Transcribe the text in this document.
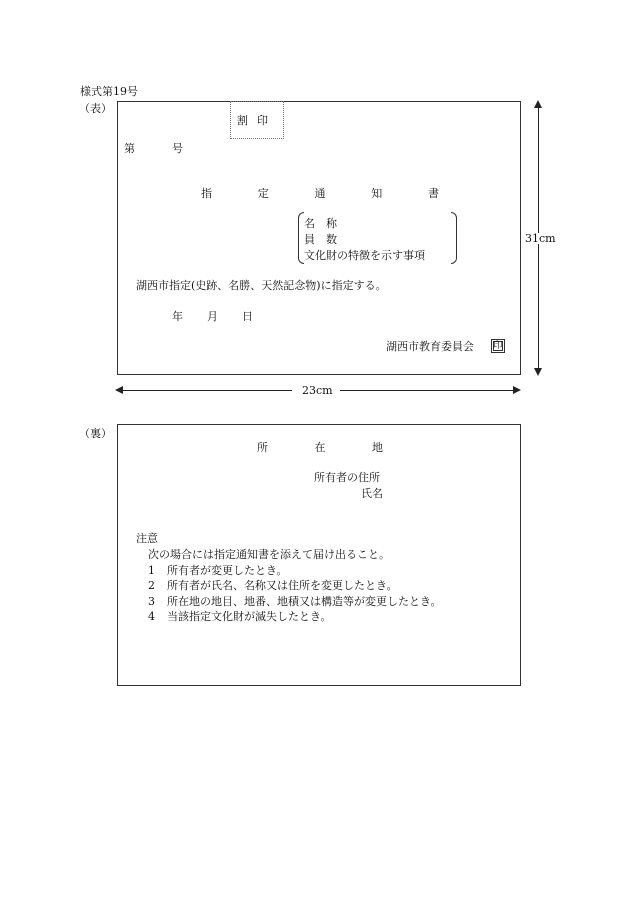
様式第19号
（表）
割 印
第	号
指	定	通	知	書
名　称
員　数
文化財の特徴を示す事項
湖西市指定(史跡、名勝、天然記念物)に指定する。
年 月 日
湖西市教育委員会 印
31cm
23cm
（裏）
所	在	地
所有者の住所
氏名
注意
次の場合には指定通知書を添えて届け出ること。
1 所有者が変更したとき。
2 所有者が氏名、名称又は住所を変更したとき。
3 所在地の地目、地番、地積又は構造等が変更したとき。
4 当該指定文化財が滅失したとき。
